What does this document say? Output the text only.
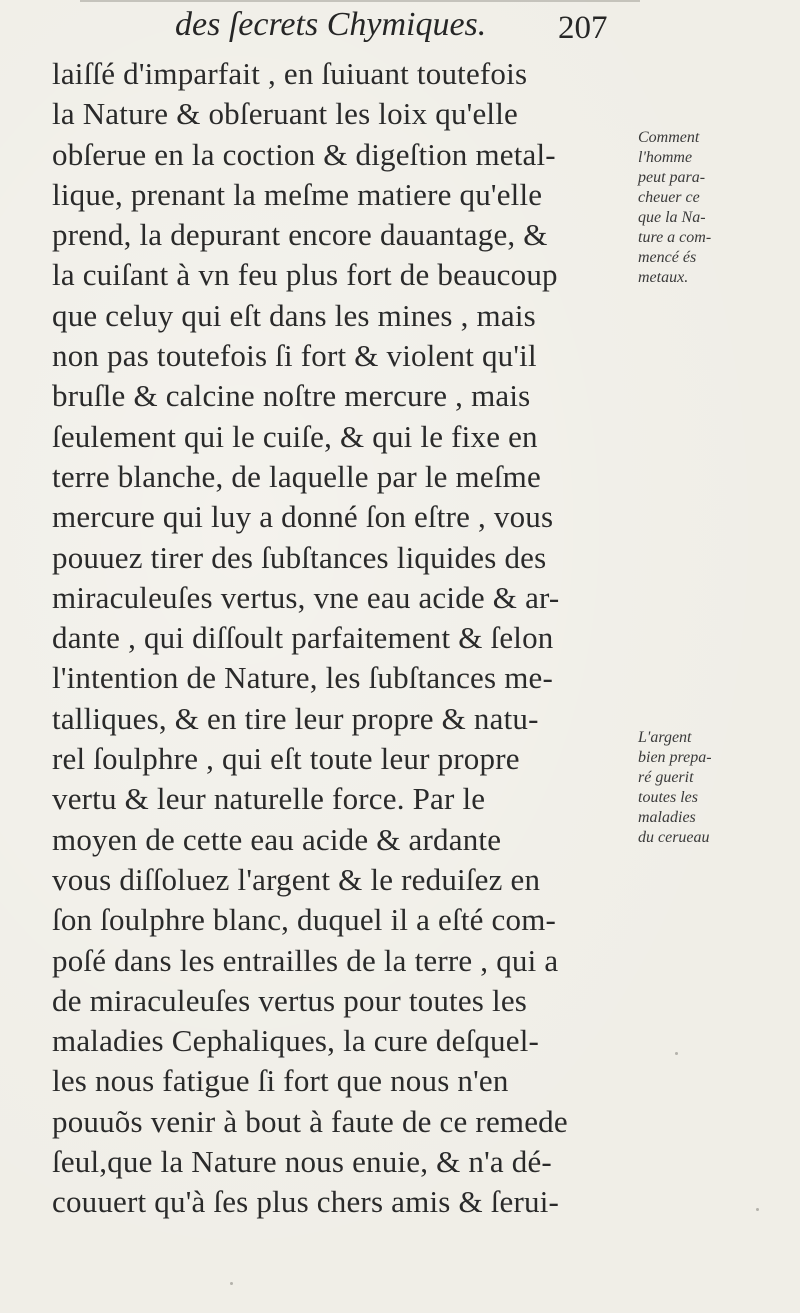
des ſecrets Chymiques. 207
laiſſé d'imparfait , en ſuiuant toutefois
la Nature & obſeruant les loix qu'elle
obſerue en la coction & digeſtion metal-
lique, prenant la meſme matiere qu'elle
prend, la depurant encore dauantage, &
la cuiſant à vn feu plus fort de beaucoup
que celuy qui eſt dans les mines , mais
non pas toutefois ſi fort & violent qu'il
bruſle & calcine noſtre mercure , mais
ſeulement qui le cuiſe, & qui le fixe en
terre blanche, de laquelle par le meſme
mercure qui luy a donné ſon eſtre , vous
pouuez tirer des ſubſtances liquides des
miraculeuſes vertus, vne eau acide & ar-
dante , qui diſſoult parfaitement & ſelon
l'intention de Nature, les ſubſtances me-
talliques, & en tire leur propre & natu-
rel ſoulphre , qui eſt toute leur propre
vertu & leur naturelle force. Par le
moyen de cette eau acide & ardante
vous diſſoluez l'argent & le reduiſez en
ſon ſoulphre blanc, duquel il a eſté com-
poſé dans les entrailles de la terre , qui a
de miraculeuſes vertus pour toutes les
maladies Cephaliques, la cure deſquel-
les nous fatigue ſi fort que nous n'en
pouuõs venir à bout à faute de ce remede
ſeul,que la Nature nous enuie, & n'a dé-
couuert qu'à ſes plus chers amis & ſerui-
Comment
l'homme
peut para-
cheuer ce
que la Na-
ture a com-
mencé és
metaux.
L'argent
bien prepa-
ré guerit
toutes les
maladies
du cerueau
